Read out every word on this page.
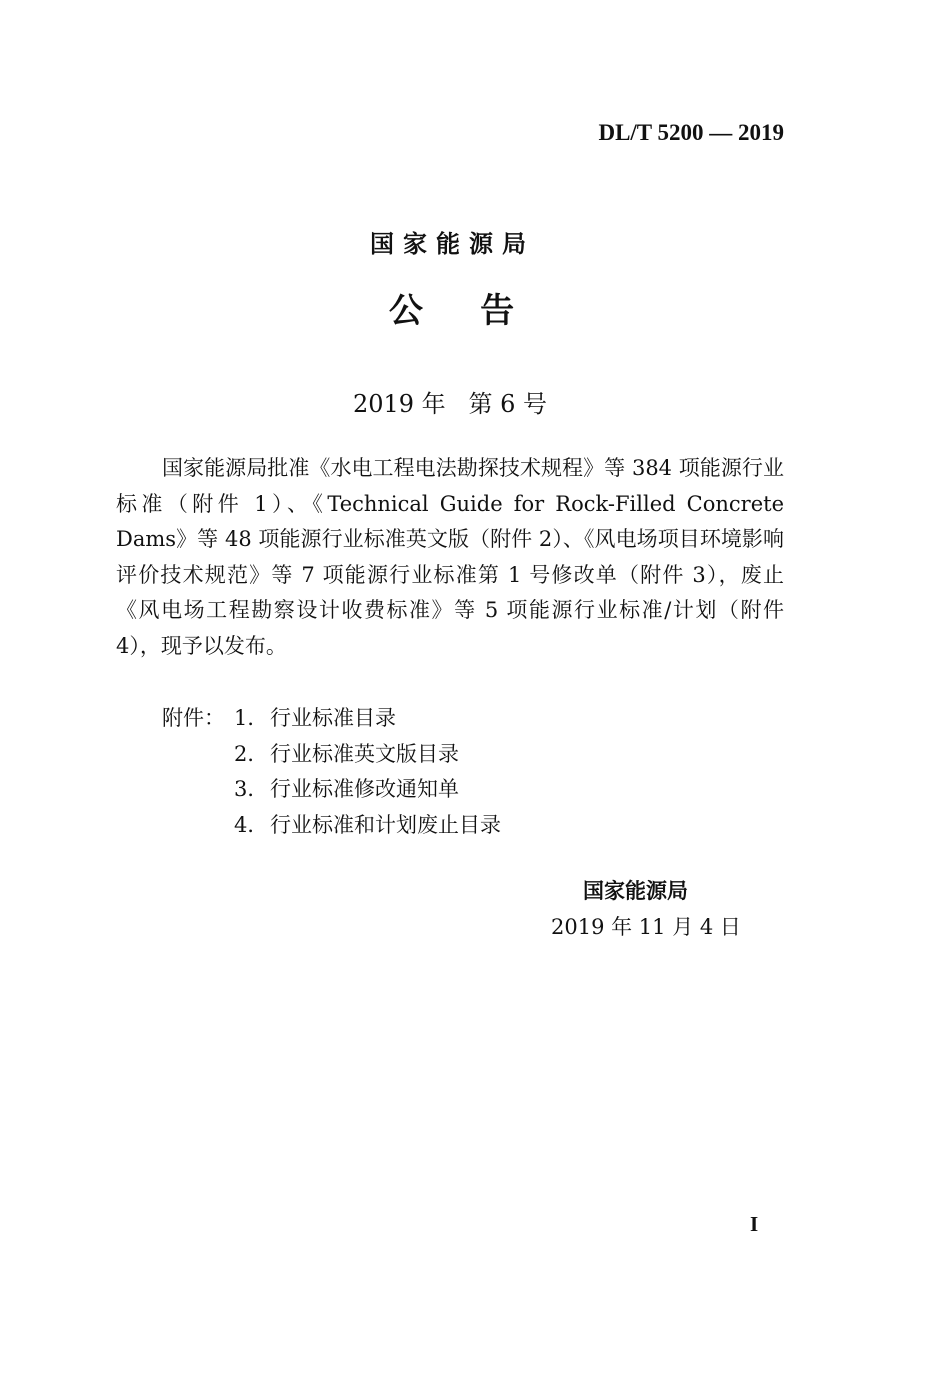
DL/T 5200 — 2019
国家能源局
公    告
2019 年   第 6 号

国家能源局批准《水电工程电法勘探技术规程》等 384 项能源行业标准（附件 1）、《Technical Guide for Rock-Filled Concrete Dams》等 48 项能源行业标准英文版（附件 2）、《风电场项目环境影响评价技术规范》等 7 项能源行业标准第 1 号修改单（附件 3），废止《风电场工程勘察设计收费标准》等 5 项能源行业标准/计划（附件 4），现予以发布。

附件： 1． 行业标准目录
2． 行业标准英文版目录
3． 行业标准修改通知单
4． 行业标准和计划废止目录
国家能源局
2019 年 11 月 4 日
I
